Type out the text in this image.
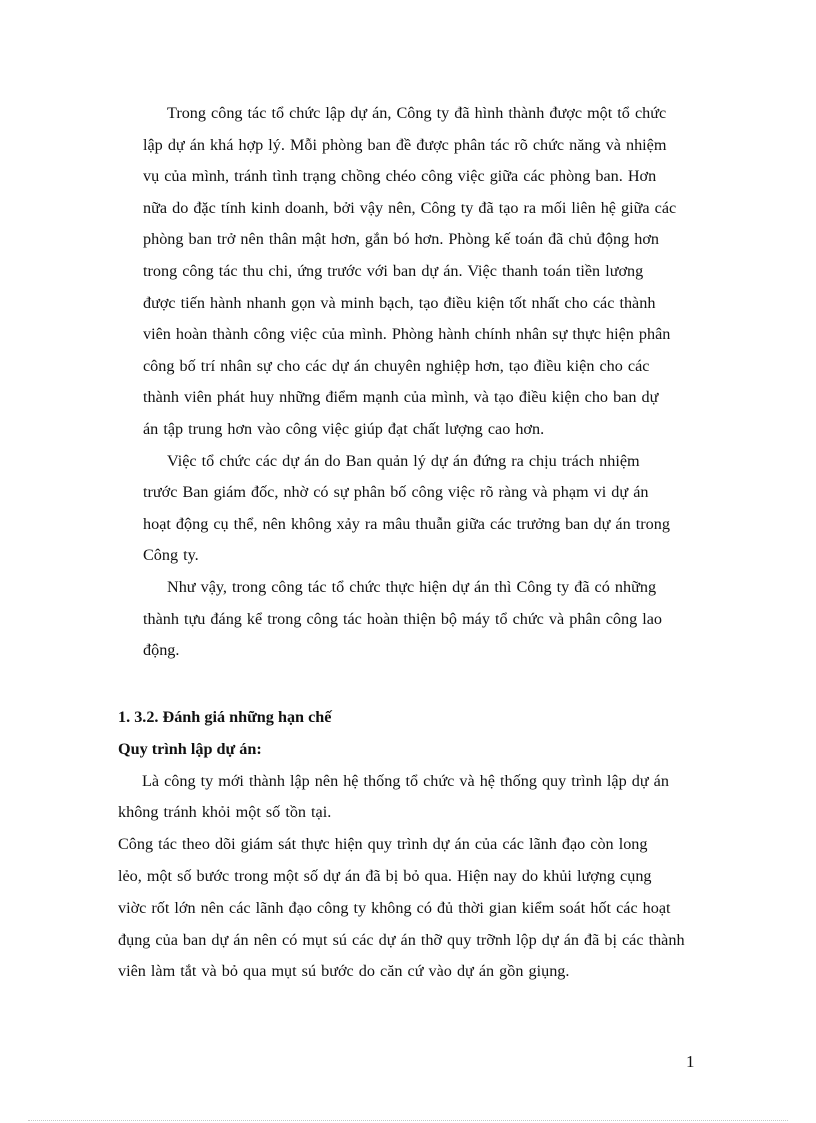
Trong công tác tổ chức lập dự án, Công ty đã hình thành được một tổ chức
lập dự án khá hợp lý. Mỗi phòng ban đề được phân tác rõ chức năng và nhiệm
vụ của mình, tránh tình trạng chồng chéo công việc giữa các phòng ban. Hơn
nữa do đặc tính kinh doanh, bởi vậy nên, Công ty đã tạo ra mối liên hệ giữa các
phòng ban trở nên thân mật hơn, gắn bó hơn. Phòng kế toán đã chủ động hơn
trong công tác thu chi, ứng trước với ban dự án. Việc thanh toán tiền lương
được tiến hành nhanh gọn và minh bạch, tạo điều kiện tốt nhất cho các thành
viên hoàn thành công việc của mình. Phòng hành chính nhân sự thực hiện phân
công bố trí nhân sự cho các dự án chuyên nghiệp hơn, tạo điều kiện cho các
thành viên phát huy những điểm mạnh của mình, và tạo điều kiện cho ban dự
án tập trung hơn vào công việc giúp đạt chất lượng cao hơn.
Việc tổ chức các dự án do Ban quản lý dự án đứng ra chịu trách nhiệm
trước Ban giám đốc, nhờ có sự phân bố công việc rõ ràng và phạm vi dự án
hoạt động cụ thể, nên không xảy ra mâu thuẫn giữa các trưởng ban dự án trong
Công ty.
Như vậy, trong công tác tổ chức thực hiện dự án thì Công ty đã có những
thành tựu đáng kể trong công tác hoàn thiện bộ máy tổ chức và phân công lao
động.
1. 3.2. Đánh giá những hạn chế
Quy trình lập dự án:
Là công ty mới thành lập nên hệ thống tổ chức và hệ thống quy trình lập dự án
không tránh khỏi một số tồn tại.
Công tác theo dõi giám sát thực hiện quy trình dự án của các lãnh đạo còn long
lẻo, một số bước trong một số dự án đã bị bỏ qua. Hiện nay do khủi lượng cụng
viờc rốt lớn nên các lãnh đạo công ty không có đủ thời gian kiểm soát hốt các hoạt
đụng của ban dự án nên có mụt sú các dự án thỡ quy trỡnh lộp dự án đã bị các thành
viên làm tắt và bỏ qua mụt sú bước do căn cứ vào dự án gồn giụng.
1
